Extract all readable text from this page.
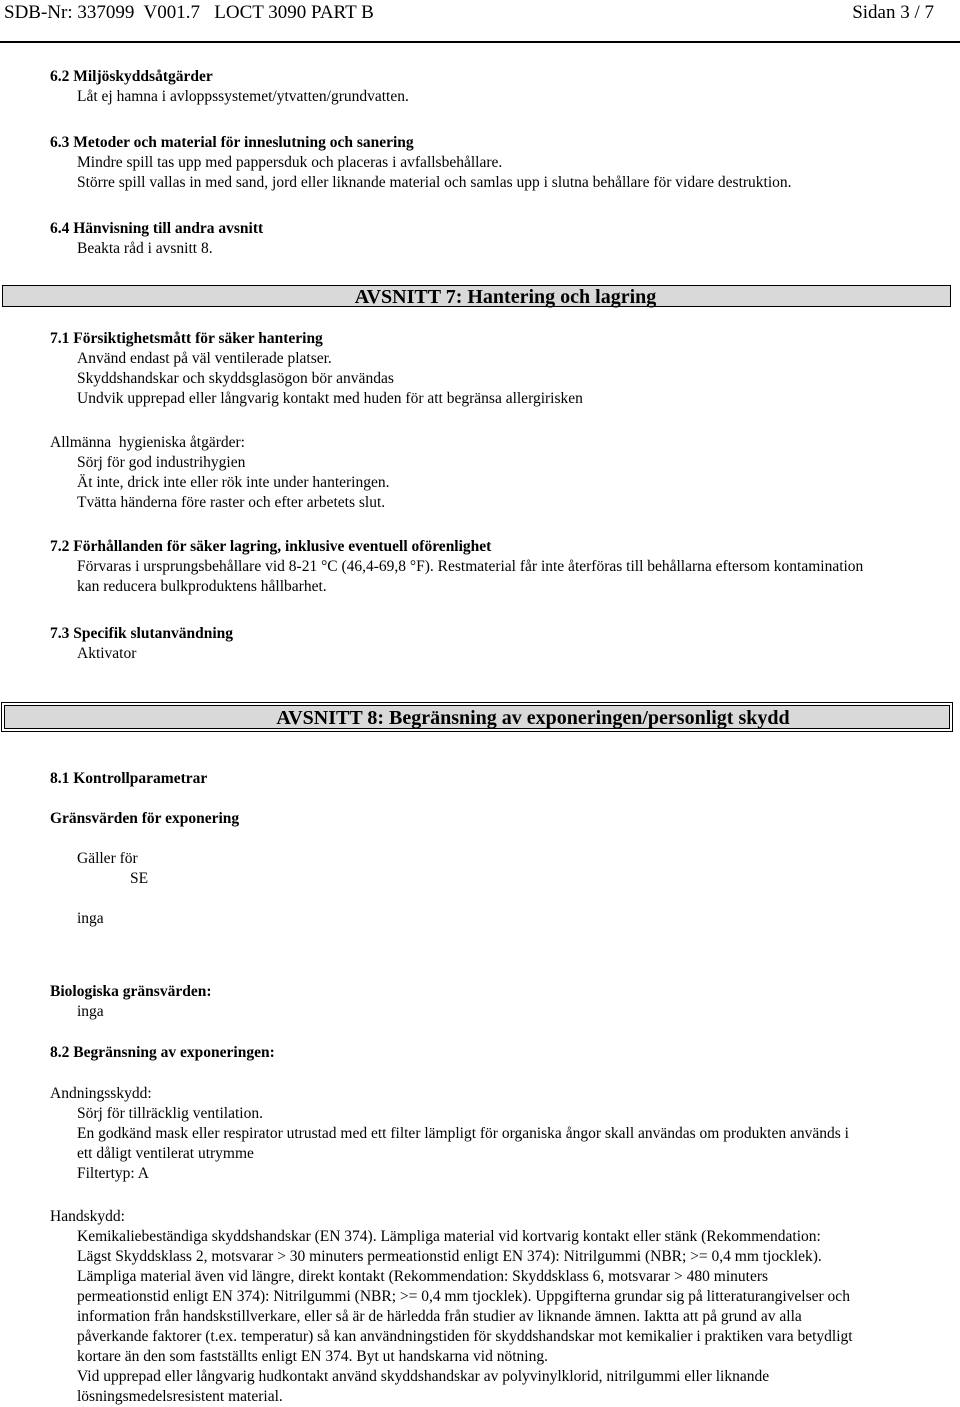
SDB-Nr: 337099  V001.7   LOCT 3090 PART B	Sidan 3 / 7
6.2 Miljöskyddsåtgärder
Låt ej hamna i avloppssystemet/ytvatten/grundvatten.
6.3 Metoder och material för inneslutning och sanering
Mindre spill tas upp med pappersduk och placeras i avfallsbehållare.
Större spill vallas in med sand, jord eller liknande material och samlas upp i slutna behållare för vidare destruktion.
6.4 Hänvisning till andra avsnitt
Beakta råd i avsnitt 8.
AVSNITT 7: Hantering och lagring
7.1 Försiktighetsmått för säker hantering
Använd endast på väl ventilerade platser.
Skyddshandskar och skyddsglasögon bör användas
Undvik upprepad eller långvarig kontakt med huden för att begränsa allergirisken
Allmänna  hygieniska åtgärder:
Sörj för god industrihygien
Ät inte, drick inte eller rök inte under hanteringen.
Tvätta händerna före raster och efter arbetets slut.
7.2 Förhållanden för säker lagring, inklusive eventuell oförenlighet
Förvaras i ursprungsbehållare vid 8-21 °C (46,4-69,8 °F). Restmaterial får inte återföras till behållarna eftersom kontamination
kan reducera bulkproduktens hållbarhet.
7.3 Specifik slutanvändning
Aktivator
AVSNITT 8: Begränsning av exponeringen/personligt skydd
8.1 Kontrollparametrar
Gränsvärden för exponering
Gäller för
SE
inga
Biologiska gränsvärden:
inga
8.2 Begränsning av exponeringen:
Andningsskydd:
Sörj för tillräcklig ventilation.
En godkänd mask eller respirator utrustad med ett filter lämpligt för organiska ångor skall användas om produkten används i
ett dåligt ventilerat utrymme
Filtertyp: A
Handskydd:
Kemikaliebeständiga skyddshandskar (EN 374). Lämpliga material vid kortvarig kontakt eller stänk (Rekommendation:
Lägst Skyddsklass 2, motsvarar > 30 minuters permeationstid enligt EN 374): Nitrilgummi (NBR; >= 0,4 mm tjocklek).
Lämpliga material även vid längre, direkt kontakt (Rekommendation: Skyddsklass 6, motsvarar > 480 minuters
permeationstid enligt EN 374): Nitrilgummi (NBR; >= 0,4 mm tjocklek). Uppgifterna grundar sig på litteraturangivelser och
information från handskstillverkare, eller så är de härledda från studier av liknande ämnen. Iaktta att på grund av alla
påverkande faktorer (t.ex. temperatur) så kan användningstiden för skyddshandskar mot kemikalier i praktiken vara betydligt
kortare än den som fastställts enligt EN 374. Byt ut handskarna vid nötning.
Vid upprepad eller långvarig hudkontakt använd skyddshandskar av polyvinylklorid, nitrilgummi eller liknande
lösningsmedelsresistent material.
